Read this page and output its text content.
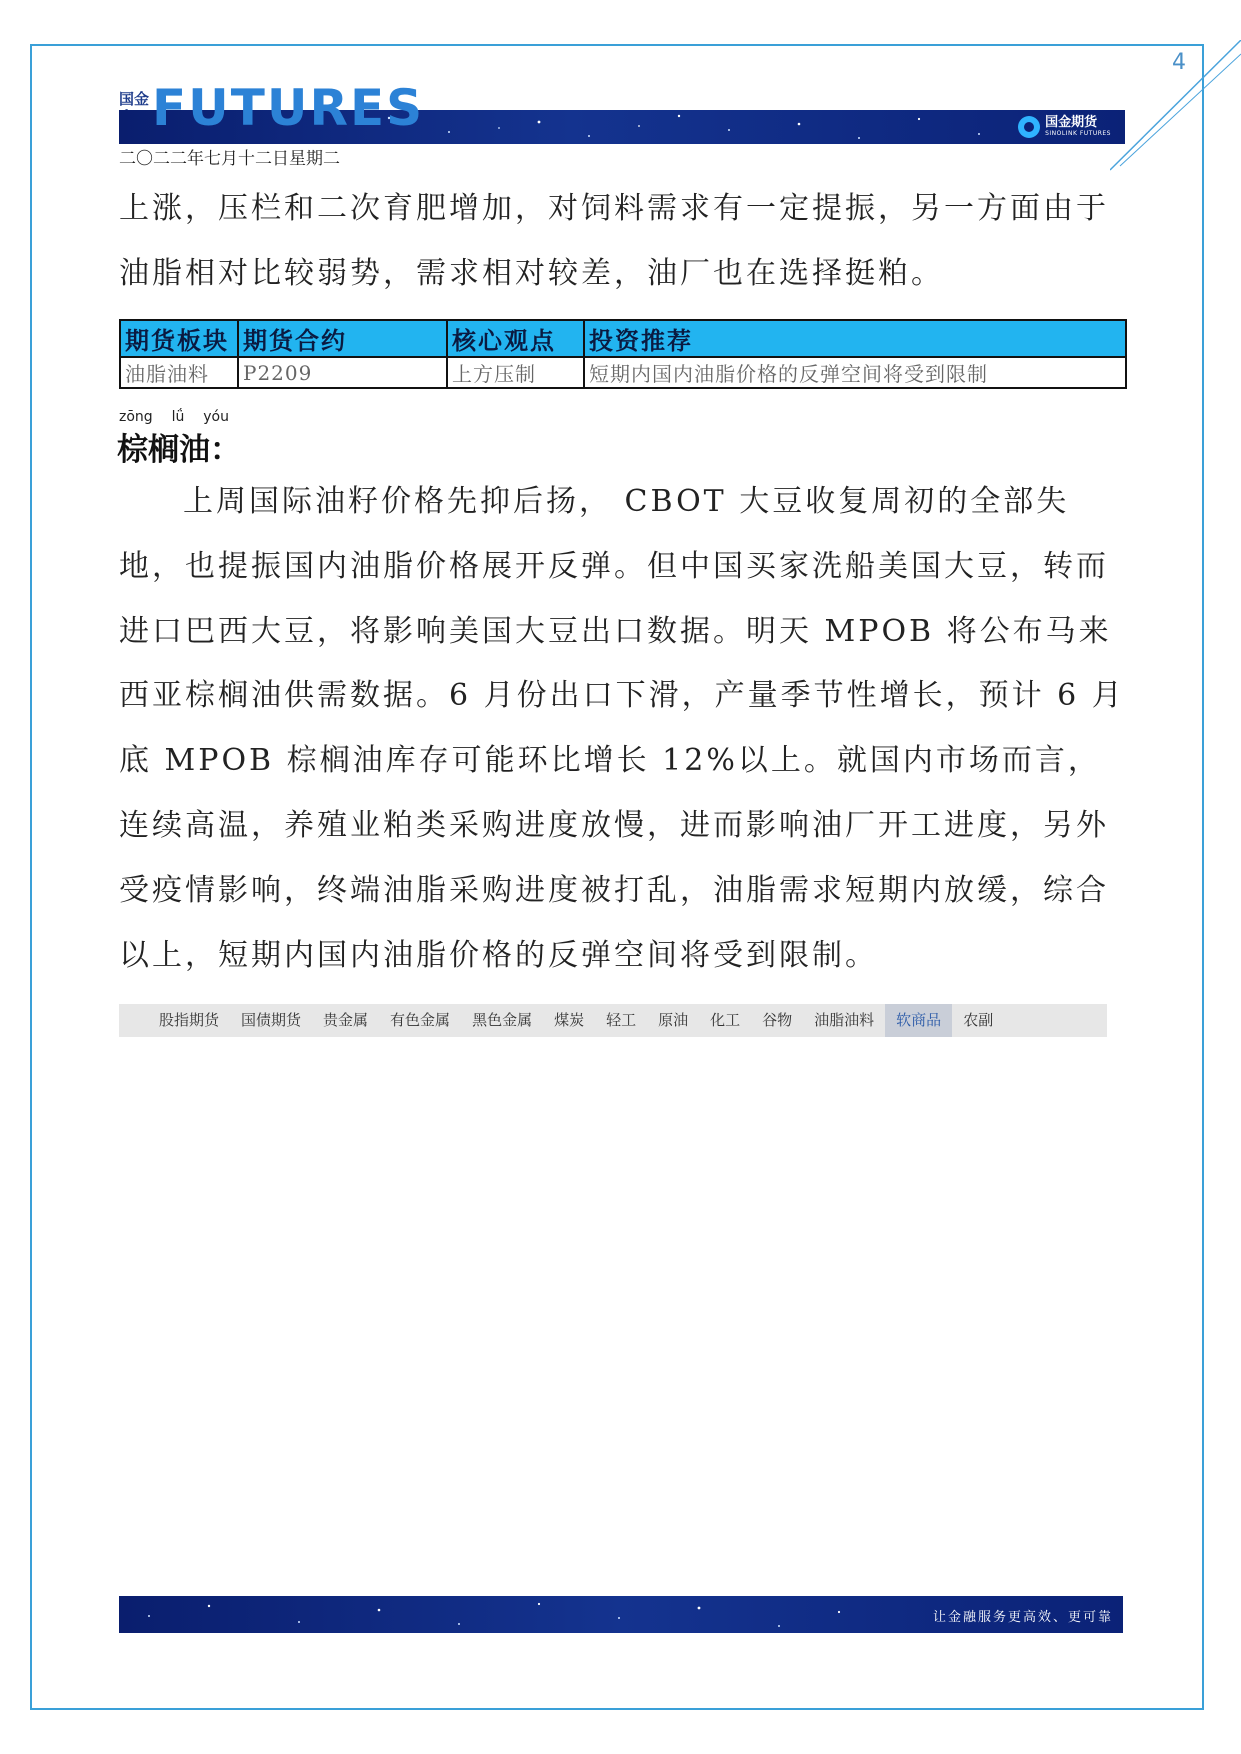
4
国金 FUTURES	国金期货
SINOLINK FUTURES
二〇二二年七月十二日星期二

上涨，压栏和二次育肥增加，对饲料需求有一定提振，另一方面由于油脂相对比较弱势，需求相对较差，油厂也在选择挺粕。

期货板块	期货合约	核心观点	投资推荐
油脂油料	P2209	上方压制	短期内国内油脂价格的反弹空间将受到限制
zōng lǘ yóu
棕榈油：

上周国际油籽价格先抑后扬， CBOT 大豆收复周初的全部失地，也提振国内油脂价格展开反弹。但中国买家洗船美国大豆，转而进口巴西大豆，将影响美国大豆出口数据。明天 MPOB 将公布马来西亚棕榈油供需数据。6 月份出口下滑，产量季节性增长，预计 6 月底 MPOB 棕榈油库存可能环比增长 12%以上。就国内市场而言，连续高温，养殖业粕类采购进度放慢，进而影响油厂开工进度，另外受疫情影响，终端油脂采购进度被打乱，油脂需求短期内放缓，综合以上，短期内国内油脂价格的反弹空间将受到限制。

股指期货	国债期货	贵金属	有色金属	黑色金属	煤炭	轻工	原油	化工	谷物	油脂油料	软商品	农副
让金融服务更高效、更可靠
